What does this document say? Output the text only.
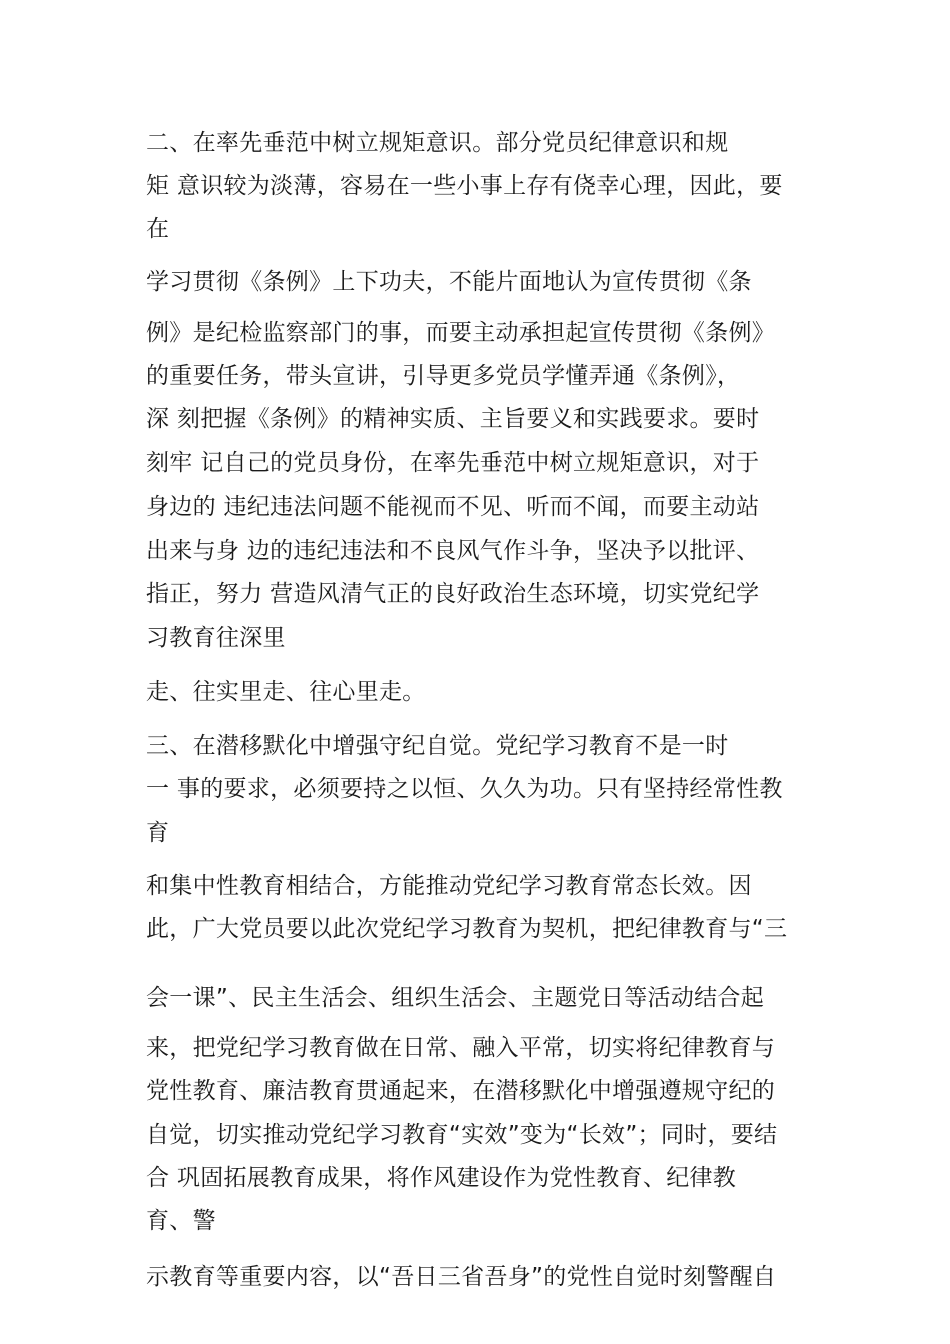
二、在率先垂范中树立规矩意识。部分党员纪律意识和规
矩 意识较为淡薄，容易在一些小事上存有侥幸心理，因此，要
在
学习贯彻《条例》上下功夫，不能片面地认为宣传贯彻《条
例》是纪检监察部门的事，而要主动承担起宣传贯彻《条例》
的重要任务，带头宣讲，引导更多党员学懂弄通《条例》，
深 刻把握《条例》的精神实质、主旨要义和实践要求。要时
刻牢 记自己的党员身份，在率先垂范中树立规矩意识，对于
身边的 违纪违法问题不能视而不见、听而不闻，而要主动站
出来与身 边的违纪违法和不良风气作斗争，坚决予以批评、
指正，努力 营造风清气正的良好政治生态环境，切实党纪学
习教育往深里
走、往实里走、往心里走。
三、在潜移默化中增强守纪自觉。党纪学习教育不是一时
一 事的要求，必须要持之以恒、久久为功。只有坚持经常性教
育
和集中性教育相结合，方能推动党纪学习教育常态长效。因
此，广大党员要以此次党纪学习教育为契机，把纪律教育与“三
会一课”、民主生活会、组织生活会、主题党日等活动结合起
来，把党纪学习教育做在日常、融入平常，切实将纪律教育与
党性教育、廉洁教育贯通起来，在潜移默化中增强遵规守纪的
自觉，切实推动党纪学习教育“实效”变为“长效”；同时，要结
合 巩固拓展教育成果，将作风建设作为党性教育、纪律教
育、警
示教育等重要内容，以“吾日三省吾身”的党性自觉时刻警醒自
